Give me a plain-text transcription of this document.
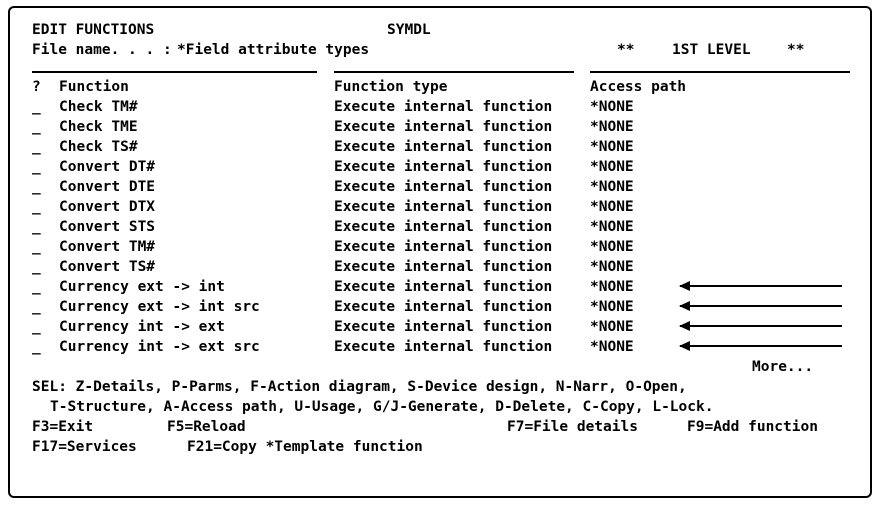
EDIT FUNCTIONS	SYMDL
File name. . . : *Field attribute types	**	1ST LEVEL	**
? Function	Function type	Access path
_ Check TM#	Execute internal function	*NONE
_ Check TME	Execute internal function	*NONE
_ Check TS#	Execute internal function	*NONE
_ Convert DT#	Execute internal function	*NONE
_ Convert DTE	Execute internal function	*NONE
_ Convert DTX	Execute internal function	*NONE
_ Convert STS	Execute internal function	*NONE
_ Convert TM#	Execute internal function	*NONE
_ Convert TS#	Execute internal function	*NONE
_ Currency ext -> int	Execute internal function	*NONE
_ Currency ext -> int src	Execute internal function	*NONE
_ Currency int -> ext	Execute internal function	*NONE
_ Currency int -> ext src	Execute internal function	*NONE
More...
SEL: Z-Details, P-Parms, F-Action diagram, S-Device design, N-Narr, O-Open,
T-Structure, A-Access path, U-Usage, G/J-Generate, D-Delete, C-Copy, L-Lock.
F3=Exit	F5=Reload	F7=File details	F9=Add function
F17=Services	F21=Copy *Template function
